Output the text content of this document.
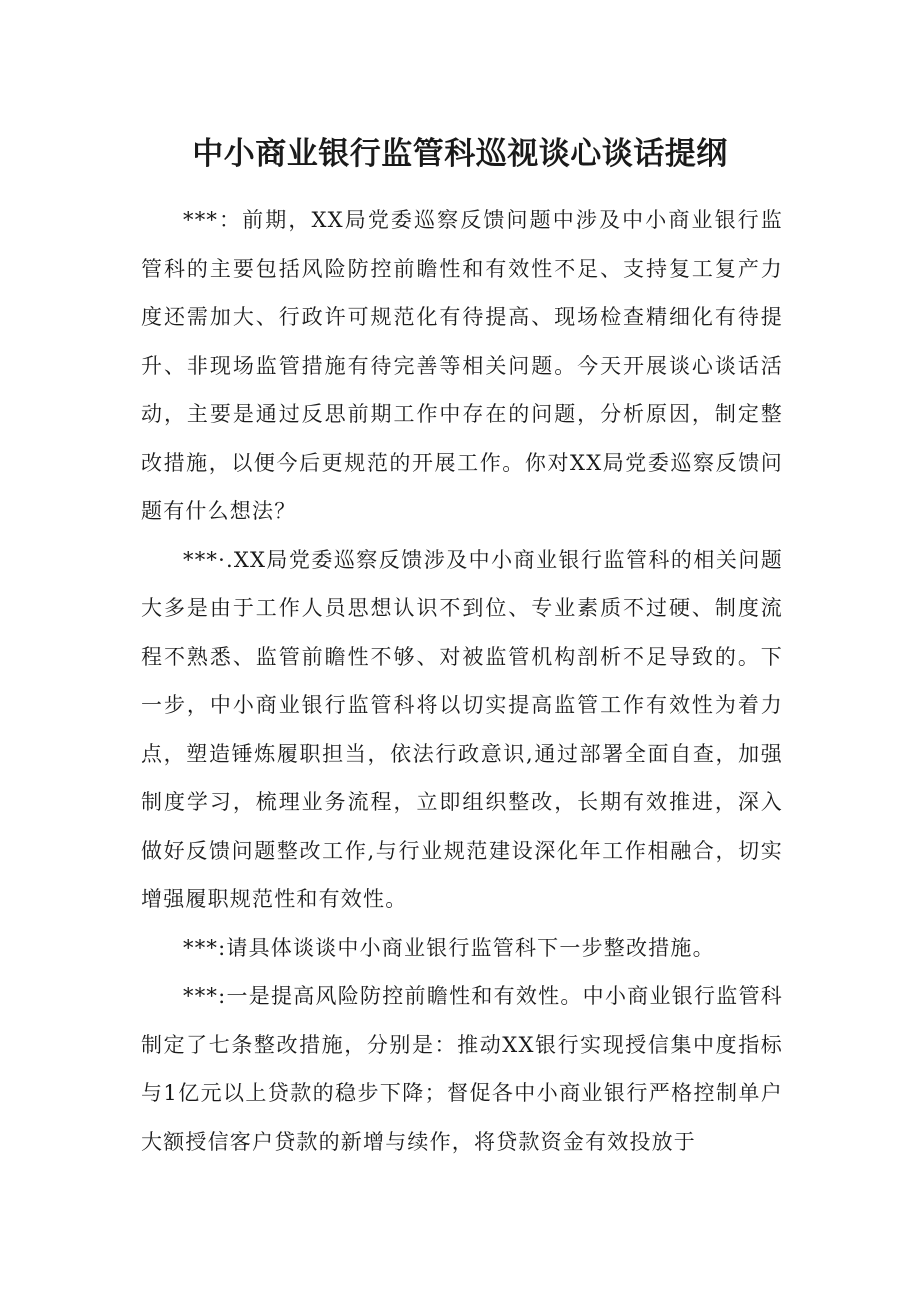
中小商业银行监管科巡视谈心谈话提纲

***：前期，XX局党委巡察反馈问题中涉及中小商业银行监管科的主要包括风险防控前瞻性和有效性不足、支持复工复产力度还需加大、行政许可规范化有待提高、现场检查精细化有待提升、非现场监管措施有待完善等相关问题。今天开展谈心谈话活动，主要是通过反思前期工作中存在的问题，分析原因，制定整改措施，以便今后更规范的开展工作。你对XX局党委巡察反馈问题有什么想法？

***·.XX局党委巡察反馈涉及中小商业银行监管科的相关问题大多是由于工作人员思想认识不到位、专业素质不过硬、制度流程不熟悉、监管前瞻性不够、对被监管机构剖析不足导致的。下一步，中小商业银行监管科将以切实提高监管工作有效性为着力点，塑造锤炼履职担当，依法行政意识,通过部署全面自查，加强制度学习，梳理业务流程，立即组织整改，长期有效推进，深入做好反馈问题整改工作,与行业规范建设深化年工作相融合，切实增强履职规范性和有效性。

***:请具体谈谈中小商业银行监管科下一步整改措施。

***:一是提高风险防控前瞻性和有效性。中小商业银行监管科制定了七条整改措施，分别是：推动XX银行实现授信集中度指标与1亿元以上贷款的稳步下降；督促各中小商业银行严格控制单户大额授信客户贷款的新增与续作，将贷款资金有效投放于
